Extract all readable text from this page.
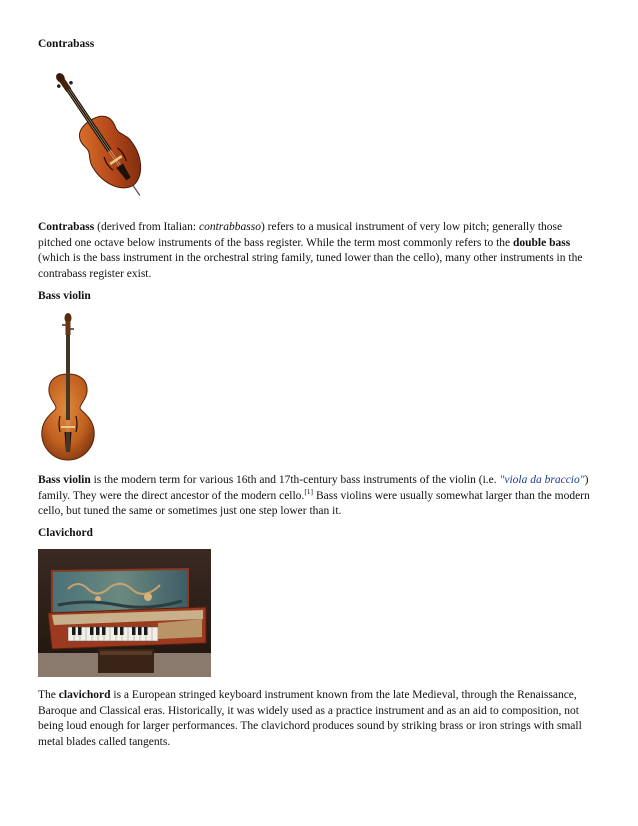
Contrabass
Contrabass (derived from Italian: contrabbasso) refers to a musical instrument of very low pitch; generally those pitched one octave below instruments of the bass register. While the term most commonly refers to the double bass (which is the bass instrument in the orchestral string family, tuned lower than the cello), many other instruments in the contrabass register exist.
Bass violin
Bass violin is the modern term for various 16th and 17th-century bass instruments of the violin (i.e. "viola da braccio") family. They were the direct ancestor of the modern cello.[1] Bass violins were usually somewhat larger than the modern cello, but tuned the same or sometimes just one step lower than it.
Clavichord
The clavichord is a European stringed keyboard instrument known from the late Medieval, through the Renaissance, Baroque and Classical eras. Historically, it was widely used as a practice instrument and as an aid to composition, not being loud enough for larger performances. The clavichord produces sound by striking brass or iron strings with small metal blades called tangents.
